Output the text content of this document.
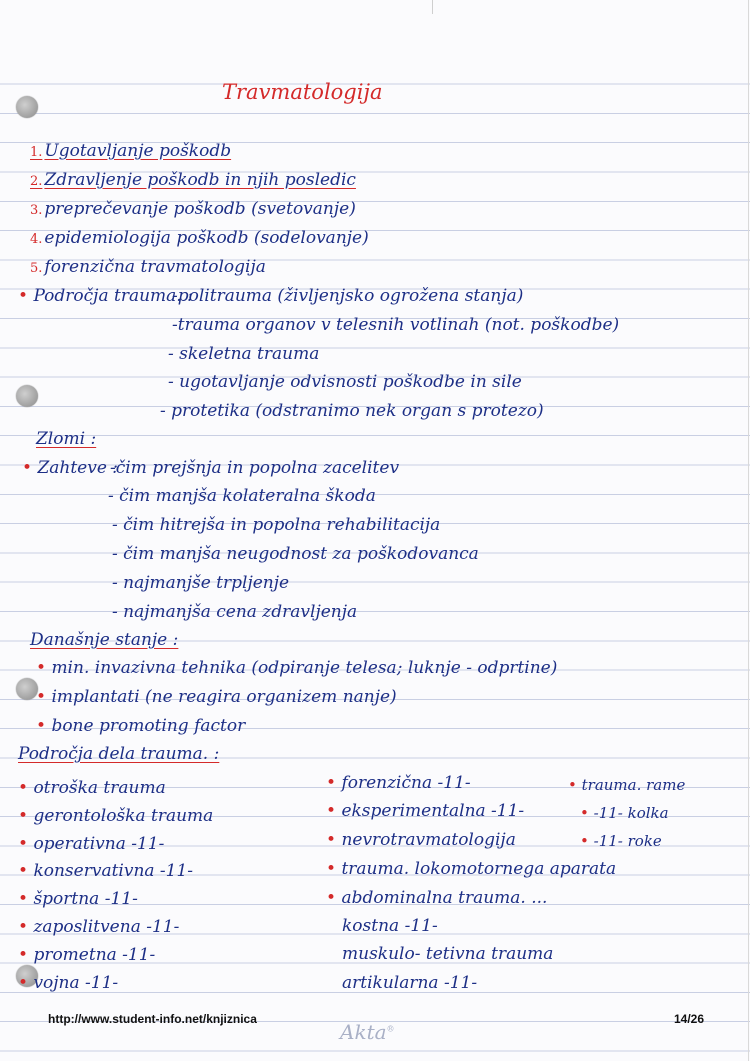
Travmatologija
1. Ugotavljanje poškodb
2. Zdravljenje poškodb in njih posledic
3. preprečevanje poškodb (svetovanje)
4. epidemiologija poškodb (sodelovanje)
5. forenzična travmatologija
• Področja trauma. :
-politrauma (življenjsko ogrožena stanja)
-trauma organov v telesnih votlinah (not. poškodbe)
- skeletna trauma
- ugotavljanje odvisnosti poškodbe in sile
- protetika (odstranimo nek organ s protezo)
Zlomi :
• Zahteve :
-čim prejšnja in popolna zacelitev
- čim manjša kolateralna škoda
- čim hitrejša in popolna rehabilitacija
- čim manjša neugodnost za poškodovanca
- najmanjše trpljenje
- najmanjša cena zdravljenja
Današnje stanje :
• min. invazivna tehnika (odpiranje telesa; luknje - odprtine)
• implantati (ne reagira organizem nanje)
• bone promoting factor
Področja dela trauma. :
• otroška trauma
• gerontološka trauma
• operativna -11-
• konservativna -11-
• športna -11-
• zaposlitvena -11-
• prometna -11-
• vojna -11-
• forenzična -11-
• eksperimentalna -11-
• nevrotravmatologija
• trauma. lokomotornega aparata
• abdominalna trauma. ...
kostna -11-
muskulo- tetivna trauma
artikularna -11-
• trauma. rame
• -11- kolka
• -11- roke
http://www.student-info.net/knjiznica	14/26
Akta®
